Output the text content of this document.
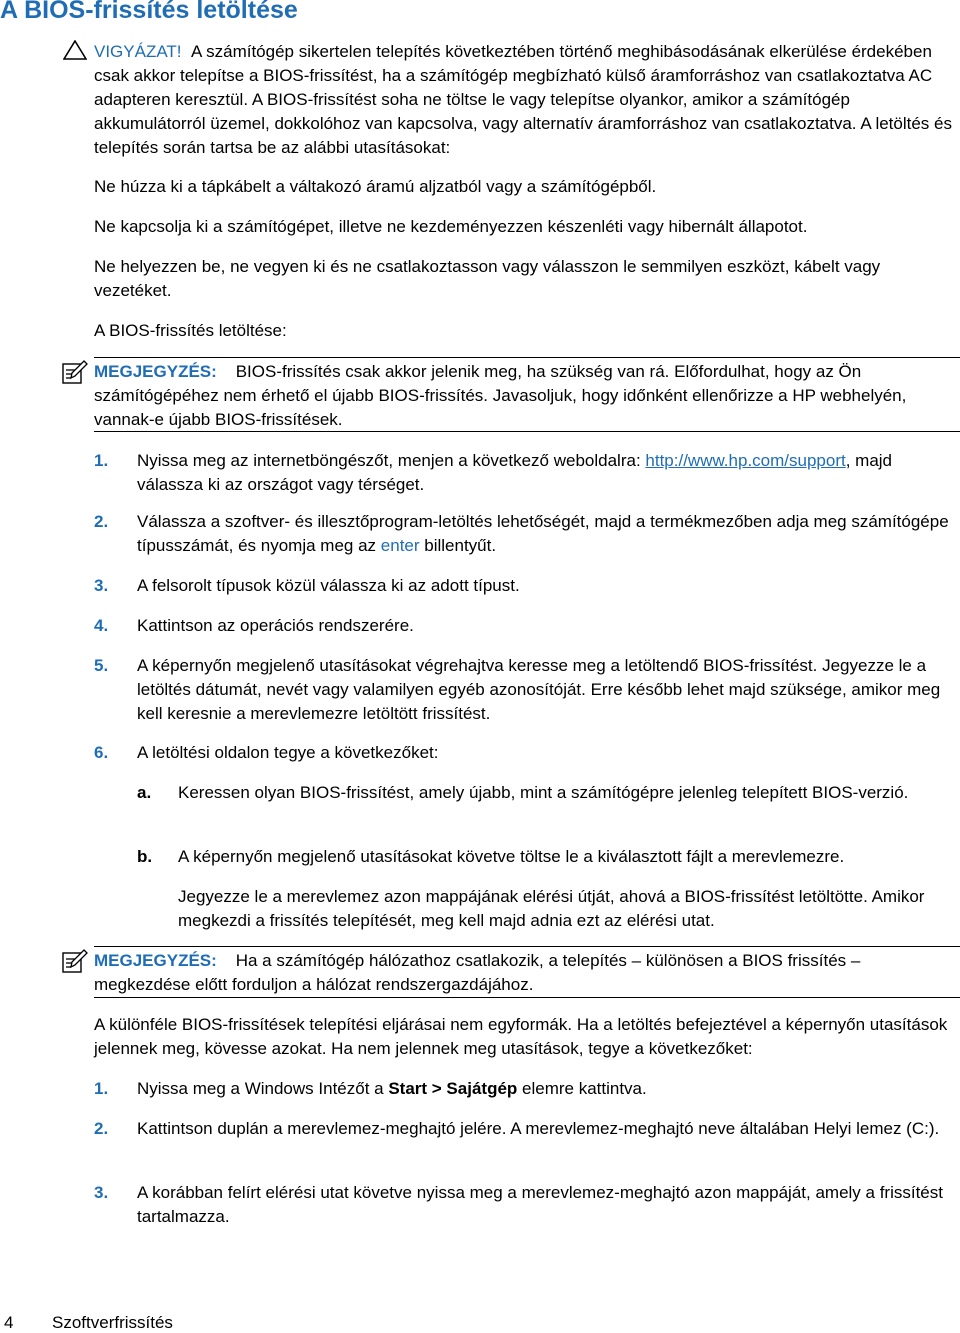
A BIOS-frissítés letöltése

VIGYÁZAT! A számítógép sikertelen telepítés következtében történő meghibásodásának elkerülése érdekében csak akkor telepítse a BIOS-frissítést, ha a számítógép megbízható külső áramforráshoz van csatlakoztatva AC adapteren keresztül. A BIOS-frissítést soha ne töltse le vagy telepítse olyankor, amikor a számítógép akkumulátorról üzemel, dokkolóhoz van kapcsolva, vagy alternatív áramforráshoz van csatlakoztatva. A letöltés és telepítés során tartsa be az alábbi utasításokat:

Ne húzza ki a tápkábelt a váltakozó áramú aljzatból vagy a számítógépből.

Ne kapcsolja ki a számítógépet, illetve ne kezdeményezzen készenléti vagy hibernált állapotot.

Ne helyezzen be, ne vegyen ki és ne csatlakoztasson vagy válasszon le semmilyen eszközt, kábelt vagy vezetéket.

A BIOS-frissítés letöltése:

MEGJEGYZÉS: BIOS-frissítés csak akkor jelenik meg, ha szükség van rá. Előfordulhat, hogy az Ön számítógépéhez nem érhető el újabb BIOS-frissítés. Javasoljuk, hogy időnként ellenőrizze a HP webhelyén, vannak-e újabb BIOS-frissítések.

1.	Nyissa meg az internetböngészőt, menjen a következő weboldalra: http://www.hp.com/support, majd válassza ki az országot vagy térséget.
2.	Válassza a szoftver- és illesztőprogram-letöltés lehetőségét, majd a termékmezőben adja meg számítógépe típusszámát, és nyomja meg az enter billentyűt.
3.	A felsorolt típusok közül válassza ki az adott típust.
4.	Kattintson az operációs rendszerére.
5.	A képernyőn megjelenő utasításokat végrehajtva keresse meg a letöltendő BIOS-frissítést. Jegyezze le a letöltés dátumát, nevét vagy valamilyen egyéb azonosítóját. Erre később lehet majd szüksége, amikor meg kell keresnie a merevlemezre letöltött frissítést.
6.	A letöltési oldalon tegye a következőket:
a.	Keressen olyan BIOS-frissítést, amely újabb, mint a számítógépre jelenleg telepített BIOS-verzió.
b.	A képernyőn megjelenő utasításokat követve töltse le a kiválasztott fájlt a merevlemezre.
Jegyezze le a merevlemez azon mappájának elérési útját, ahová a BIOS-frissítést letöltötte. Amikor megkezdi a frissítés telepítését, meg kell majd adnia ezt az elérési utat.

MEGJEGYZÉS: Ha a számítógép hálózathoz csatlakozik, a telepítés – különösen a BIOS frissítés – megkezdése előtt forduljon a hálózat rendszergazdájához.

A különféle BIOS-frissítések telepítési eljárásai nem egyformák. Ha a letöltés befejeztével a képernyőn utasítások jelennek meg, kövesse azokat. Ha nem jelennek meg utasítások, tegye a következőket:

1.	Nyissa meg a Windows Intézőt a Start > Sajátgép elemre kattintva.
2.	Kattintson duplán a merevlemez-meghajtó jelére. A merevlemez-meghajtó neve általában Helyi lemez (C:).
3.	A korábban felírt elérési utat követve nyissa meg a merevlemez-meghajtó azon mappáját, amely a frissítést tartalmazza.
4 Szoftverfrissítés
